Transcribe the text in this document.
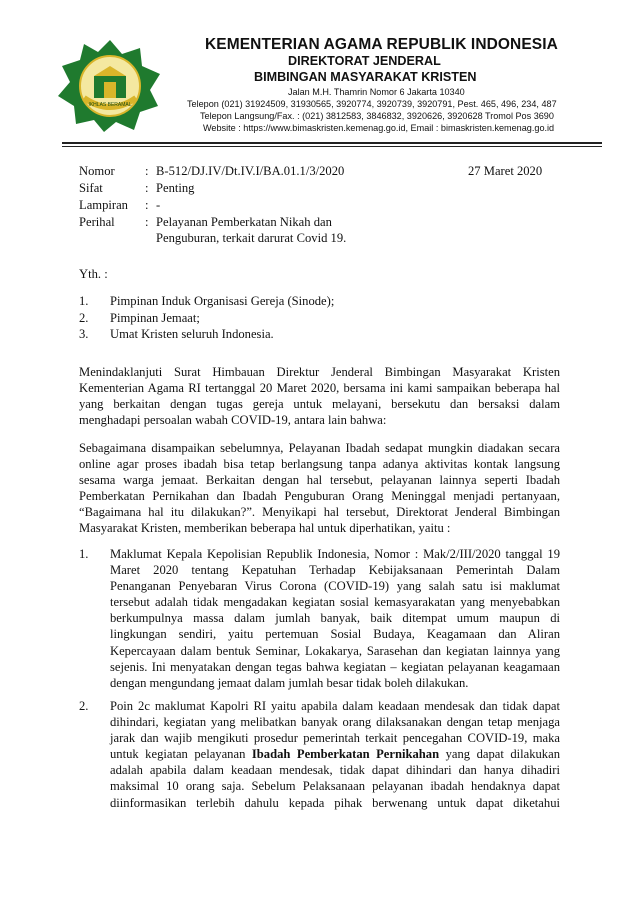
IKHLAS BERAMAL
KEMENTERIAN AGAMA REPUBLIK INDONESIA
DIREKTORAT JENDERAL
BIMBINGAN MASYARAKAT KRISTEN
Jalan M.H. Thamrin Nomor 6 Jakarta 10340
Telepon (021) 31924509, 31930565, 3920774, 3920739, 3920791, Pest. 465, 496, 234, 487
Telepon Langsung/Fax. : (021) 3812583, 3846832, 3920626, 3920628 Tromol Pos 3690
Website : https://www.bimaskristen.kemenag.go.id, Email : bimaskristen.kemenag.go.id
Nomor : B-512/DJ.IV/Dt.IV.I/BA.01.1/3/2020	27 Maret 2020
Sifat	: Penting
Lampiran : -
Perihal : Pelayanan Pemberkatan Nikah dan
Penguburan, terkait darurat Covid 19.
Yth. :
1. Pimpinan Induk Organisasi Gereja (Sinode);
2. Pimpinan Jemaat;
3. Umat Kristen seluruh Indonesia.
Menindaklanjuti Surat Himbauan Direktur Jenderal Bimbingan Masyarakat Kristen
Kementerian Agama RI tertanggal 20 Maret 2020, bersama ini kami sampaikan beberapa hal
yang berkaitan dengan tugas gereja untuk melayani, bersekutu dan bersaksi dalam
menghadapi persoalan wabah COVID-19, antara lain bahwa:
Sebagaimana disampaikan sebelumnya, Pelayanan Ibadah sedapat mungkin diadakan secara
online agar proses ibadah bisa tetap berlangsung tanpa adanya aktivitas kontak langsung
sesama warga jemaat. Berkaitan dengan hal tersebut, pelayanan lainnya seperti Ibadah
Pemberkatan Pernikahan dan Ibadah Penguburan Orang Meninggal menjadi pertanyaan,
“Bagaimana hal itu dilakukan?”. Menyikapi hal tersebut, Direktorat Jenderal Bimbingan
Masyarakat Kristen, memberikan beberapa hal untuk diperhatikan, yaitu :
1. Maklumat Kepala Kepolisian Republik Indonesia, Nomor : Mak/2/III/2020 tanggal 19
Maret 2020 tentang Kepatuhan Terhadap Kebijaksanaan Pemerintah Dalam
Penanganan Penyebaran Virus Corona (COVID-19) yang salah satu isi maklumat
tersebut adalah tidak mengadakan kegiatan sosial kemasyarakatan yang menyebabkan
berkumpulnya massa dalam jumlah banyak, baik ditempat umum maupun di
lingkungan sendiri, yaitu pertemuan Sosial Budaya, Keagamaan dan Aliran
Kepercayaan dalam bentuk Seminar, Lokakarya, Sarasehan dan kegiatan lainnya yang
sejenis. Ini menyatakan dengan tegas bahwa kegiatan – kegiatan pelayanan keagamaan
dengan mengundang jemaat dalam jumlah besar tidak boleh dilakukan.
2. Poin 2c maklumat Kapolri RI yaitu apabila dalam keadaan mendesak dan tidak dapat
dihindari, kegiatan yang melibatkan banyak orang dilaksanakan dengan tetap menjaga
jarak dan wajib mengikuti prosedur pemerintah terkait pencegahan COVID-19, maka
untuk kegiatan pelayanan Ibadah Pemberkatan Pernikahan yang dapat dilakukan
adalah apabila dalam keadaan mendesak, tidak dapat dihindari dan hanya dihadiri
maksimal 10 orang saja. Sebelum Pelaksanaan pelayanan ibadah hendaknya dapat
diinformasikan terlebih dahulu kepada pihak berwenang untuk dapat diketahui
